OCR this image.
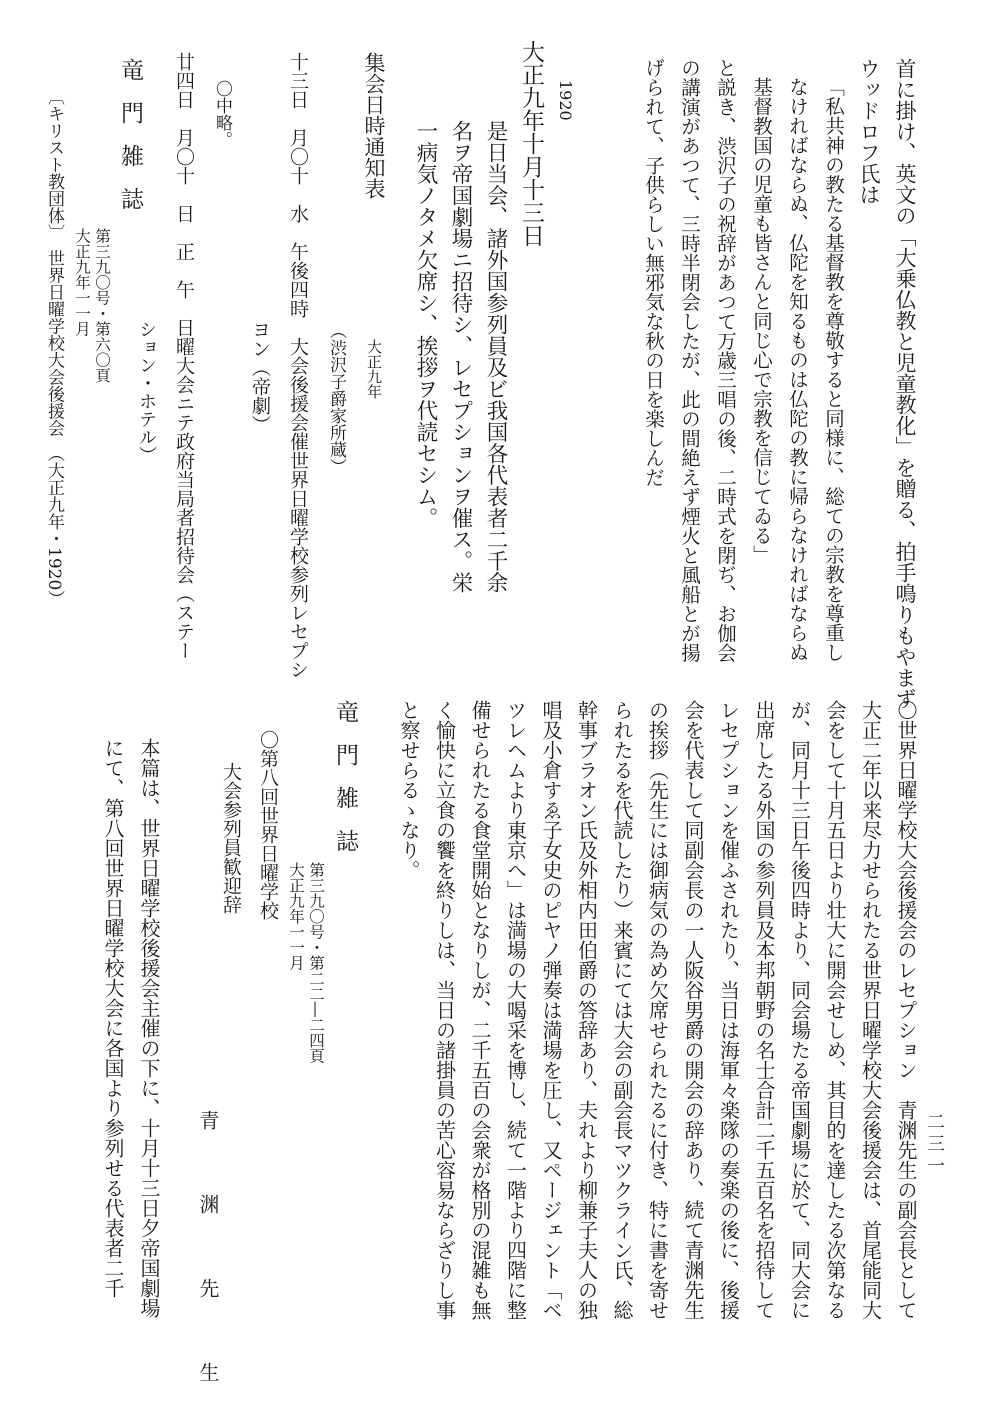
首に掛け、英文の「大乗仏教と児童教化」を贈る、拍手鳴りもやまず
ウッドロフ氏は
「私共神の教たる基督教を尊敬すると同様に、総ての宗教を尊重し
なければならぬ、仏陀を知るものは仏陀の教に帰らなければならぬ
基督教国の児童も皆さんと同じ心で宗教を信じてゐる」
と説き、渋沢子の祝辞があつて万歳三唱の後、二時式を閉ぢ、お伽会
の講演があつて、三時半閉会したが、此の間絶えず煙火と風船とが揚
げられて、子供らしい無邪気な秋の日を楽しんだ
1920
大正九年十月十三日
是日当会、諸外国参列員及ビ我国各代表者二千余
名ヲ帝国劇場ニ招待シ、レセプションヲ催ス。栄
一病気ノタメ欠席シ、挨拶ヲ代読セシム。
集会日時通知表大正九年
（渋沢子爵家所蔵）
十三日　月〇十　水　午後四時　大会後援会催世界日曜学校参列レセプシ
ヨン（帝劇）
〇中略。
廿四日　月〇十　日　正　午　日曜大会ニテ政府当局者招待会（ステー
ション・ホテル）
竜門雑誌
第三九〇号・第六〇頁
大正九年一一月
〔キリスト教団体〕　世界日曜学校大会後援会　（大正九年・1920）
〇世界日曜学校大会後援会のレセプション　青渊先生の副会長として
大正二年以来尽力せられたる世界日曜学校大会後援会は、首尾能同大
会をして十月五日より壮大に開会せしめ、其目的を達したる次第なる
が、同月十三日午後四時より、同会場たる帝国劇場に於て、同大会に
出席したる外国の参列員及本邦朝野の名士合計二千五百名を招待して
レセプションを催ふされたり、当日は海軍々楽隊の奏楽の後に、後援
会を代表して同副会長の一人阪谷男爵の開会の辞あり、続て青渊先生
の挨拶（先生には御病気の為め欠席せられたるに付き、特に書を寄せ
られたるを代読したり）来賓にては大会の副会長マツクライン氏、総
幹事ブラオン氏及外相内田伯爵の答辞あり、夫れより柳兼子夫人の独
唱及小倉すゑ子女史のピヤノ弾奏は満場を圧し、又ページェント「ベ
ツレヘムより東京へ」は満場の大喝采を博し、続て一階より四階に整
備せられたる食堂開始となりしが、二千五百の会衆が格別の混雑も無
く愉快に立食の饗を終りしは、当日の諸掛員の苦心容易ならざりし事
と察せらるゝなり。
竜門雑誌
第三九〇号・第二二―二四頁
大正九年一一月
〇第八回世界日曜学校
大会参列員歓迎辞
青　渊　先　生
本篇は、世界日曜学校後援会主催の下に、十月十三日夕帝国劇場
にて、第八回世界日曜学校大会に各国より参列せる代表者二千	二三一
